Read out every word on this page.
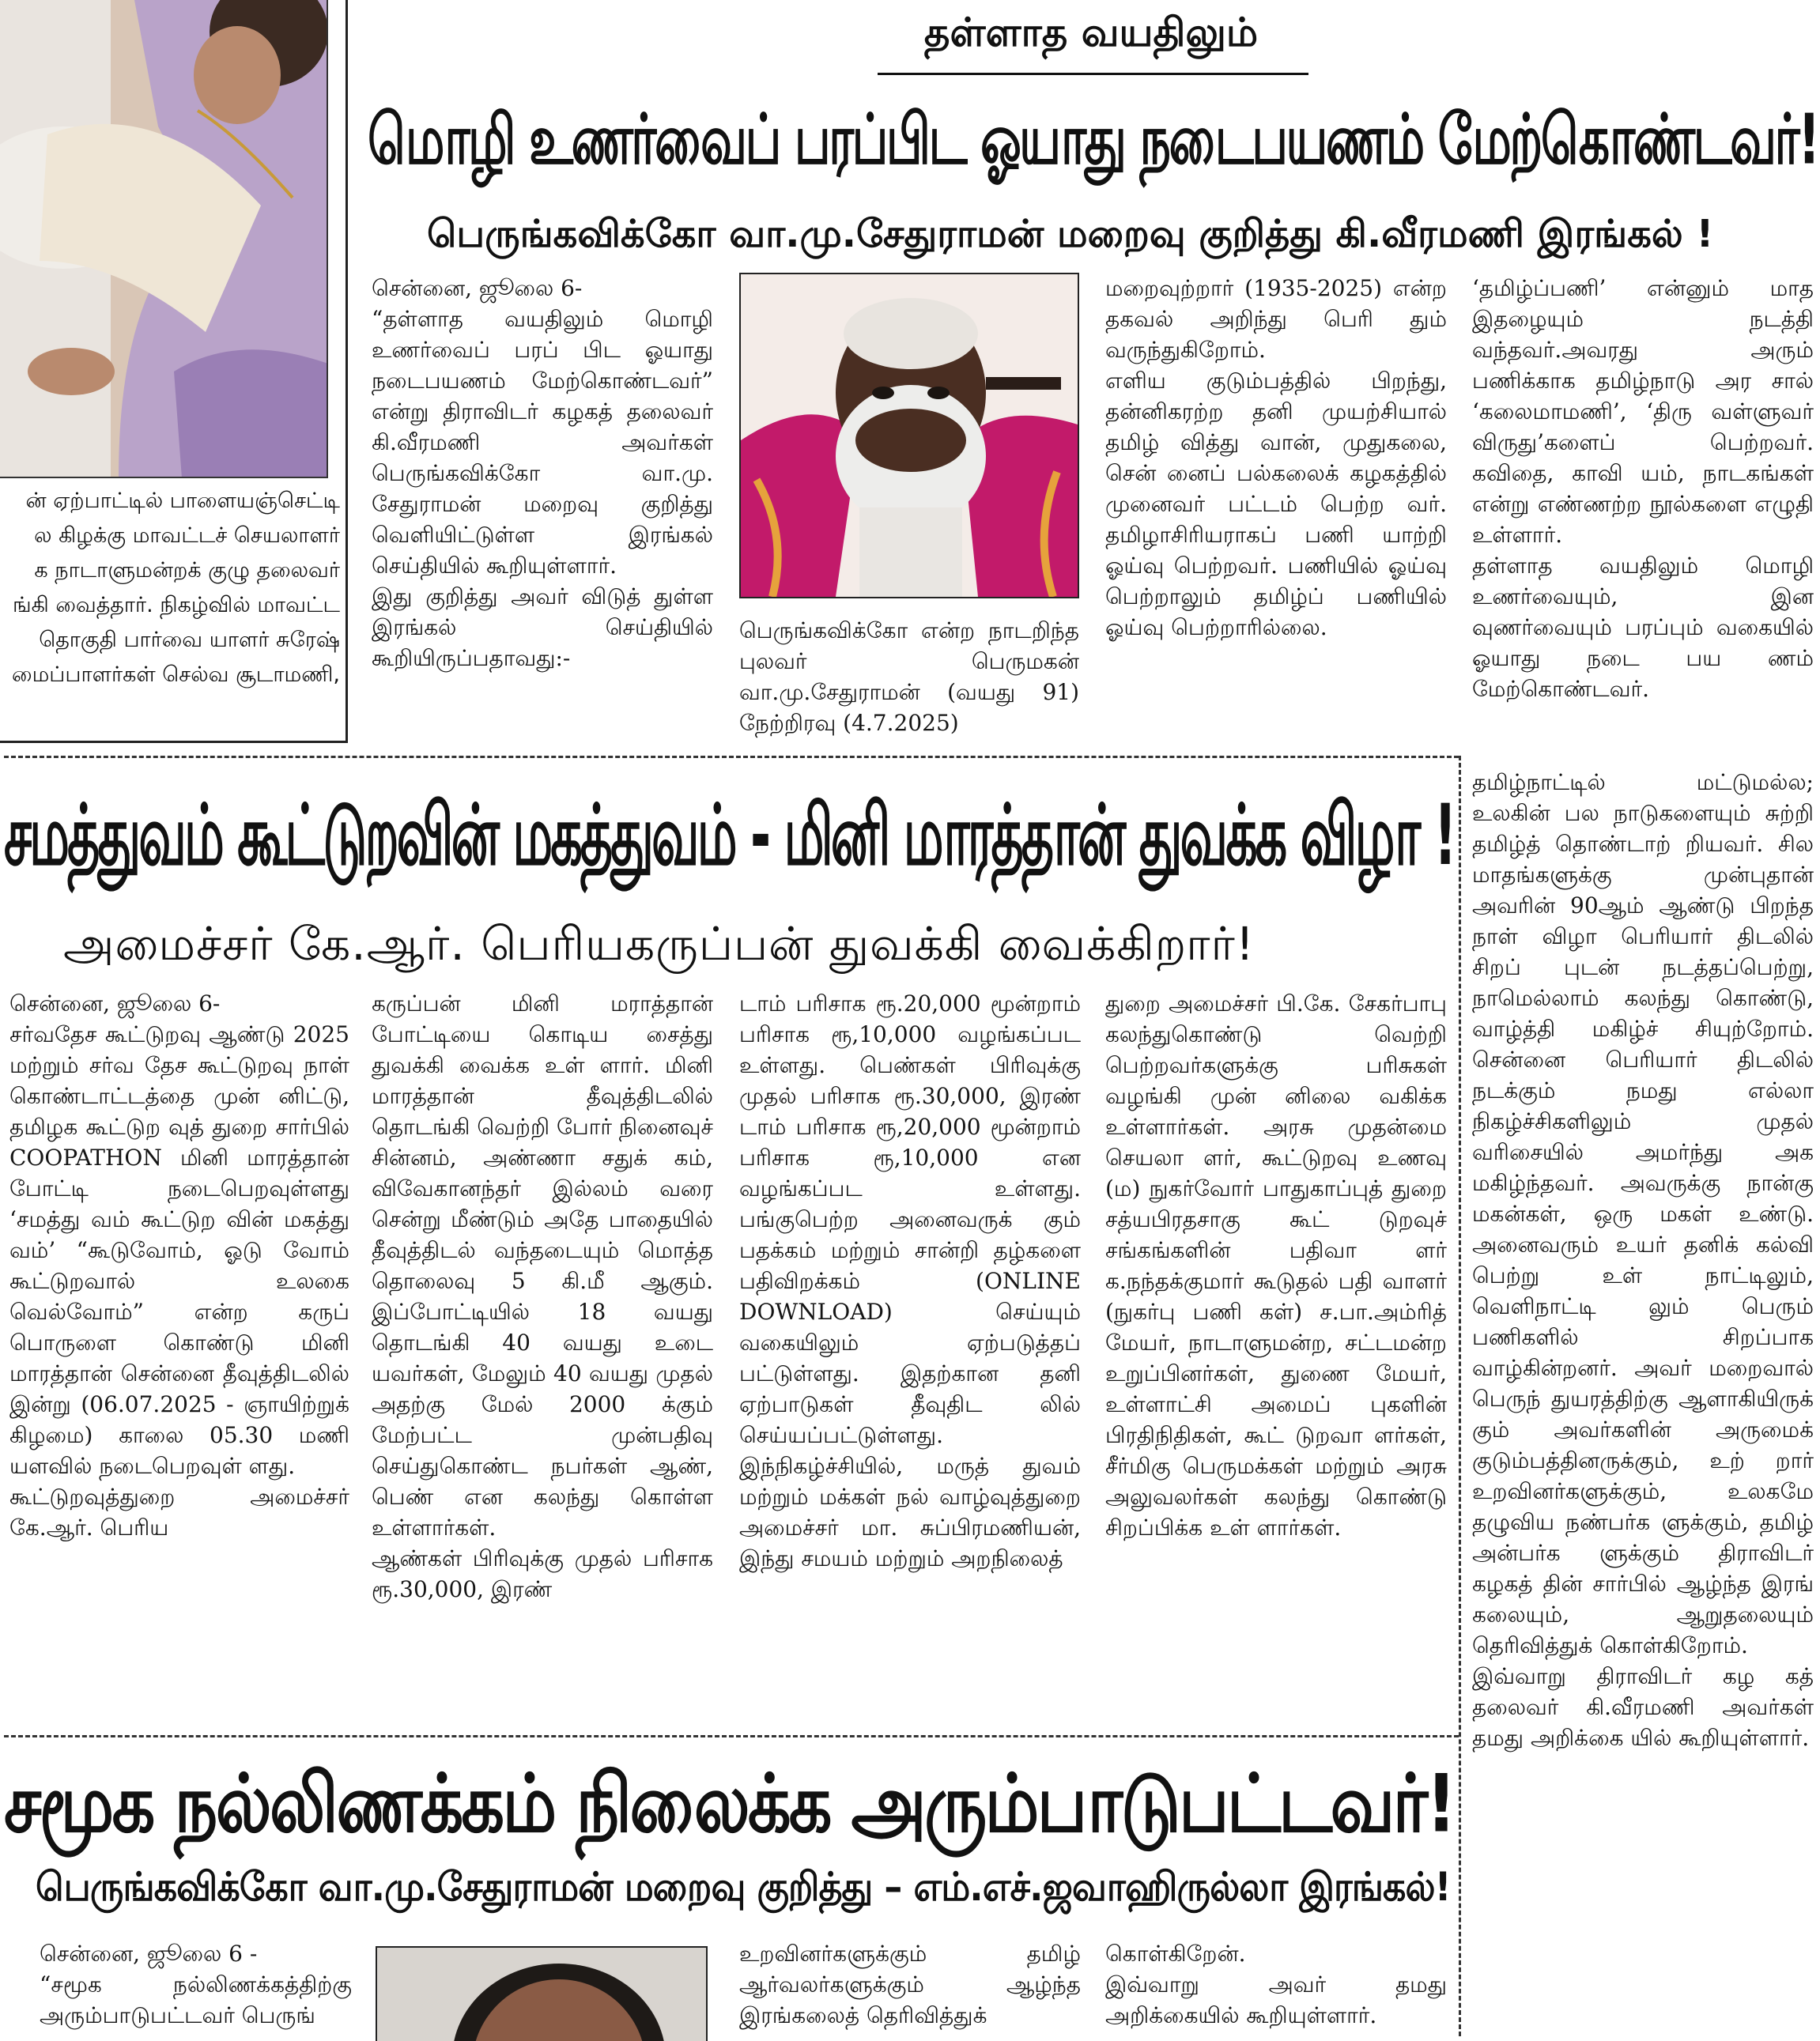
ன் ஏற்பாட்டில் பாளையஞ்செட்டி
ல கிழக்கு மாவட்டச் செயலாளர்
க நாடாளுமன்றக் குழு தலைவர்
ங்கி வைத்தார். நிகழ்வில் மாவட்ட
தொகுதி பார்வை யாளர் சுரேஷ்
மைப்பாளர்கள் செல்வ சூடாமணி,
தள்ளாத வயதிலும்
மொழி உணர்வைப் பரப்பிட ஓயாது நடைபயணம் மேற்கொண்டவர்!
பெருங்கவிக்கோ வா.மு.சேதுராமன் மறைவு குறித்து கி.வீரமணி இரங்கல் !
சென்னை, ஜூலை 6-
“தள்ளாத வயதிலும் மொழி உணர்வைப் பரப் பிட ஓயாது நடைபயணம் மேற்கொண்டவர்” என்று திராவிடர் கழகத் தலைவர் கி.வீரமணி அவர்கள் பெருங்கவிக்கோ வா.மு. சேதுராமன் மறைவு குறித்து வெளியிட்டுள்ள இரங்கல் செய்தியில் கூறியுள்ளார்.
இது குறித்து அவர் விடுத் துள்ள இரங்கல் செய்தியில் கூறியிருப்பதாவது:-
பெருங்கவிக்கோ என்ற நாடறிந்த புலவர் பெருமகன் வா.மு.சேதுராமன் (வயது 91) நேற்றிரவு (4.7.2025)
மறைவுற்றார் (1935-2025) என்ற தகவல் அறிந்து பெரி தும் வருந்துகிறோம்.
எளிய குடும்பத்தில் பிறந்து, தன்னிகரற்ற தனி முயற்சியால் தமிழ் வித்து வான், முதுகலை, சென் னைப் பல்கலைக் கழகத்தில் முனைவர் பட்டம் பெற்ற வர். தமிழாசிரியராகப் பணி யாற்றி ஓய்வு பெற்றவர். பணியில் ஓய்வு பெற்றாலும் தமிழ்ப் பணியில் ஓய்வு பெற்றாரில்லை.
‘தமிழ்ப்பணி’ என்னும் மாத இதழையும் நடத்தி வந்தவர்.அவரது அரும் பணிக்காக தமிழ்நாடு அர சால் ‘கலைமாமணி’, ‘திரு வள்ளுவர் விருது’களைப் பெற்றவர். கவிதை, காவி யம், நாடகங்கள் என்று எண்ணற்ற நூல்களை எழுதி உள்ளார்.
தள்ளாத வயதிலும் மொழி உணர்வையும், இன வுணர்வையும் பரப்பும் வகையில் ஓயாது நடை பய ணம் மேற்கொண்டவர்.
தமிழ்நாட்டில் மட்டுமல்ல; உலகின் பல நாடுகளையும் சுற்றி தமிழ்த் தொண்டாற் றியவர். சில மாதங்களுக்கு முன்புதான் அவரின் 90ஆம் ஆண்டு பிறந்த நாள் விழா பெரியார் திடலில் சிறப் புடன் நடத்தப்பெற்று, நாமெல்லாம் கலந்து கொண்டு, வாழ்த்தி மகிழ்ச் சியுற்றோம். சென்னை பெரியார் திடலில் நடக்கும் நமது எல்லா நிகழ்ச்சிகளிலும் முதல் வரிசையில் அமர்ந்து அக மகிழ்ந்தவர். அவருக்கு நான்கு மகன்கள், ஒரு மகள் உண்டு. அனைவரும் உயர் தனிக் கல்வி பெற்று உள் நாட்டிலும், வெளிநாட்டி லும் பெரும் பணிகளில் சிறப்பாக வாழ்கின்றனர். அவர் மறைவால் பெருந் துயரத்திற்கு ஆளாகியிருக் கும் அவர்களின் அருமைக் குடும்பத்தினருக்கும், உற் றார் உறவினர்களுக்கும், உலகமே தழுவிய நண்பர்க ளுக்கும், தமிழ் அன்பர்க ளுக்கும் திராவிடர் கழகத் தின் சார்பில் ஆழ்ந்த இரங் கலையும், ஆறுதலையும் தெரிவித்துக் கொள்கிறோம்.
இவ்வாறு திராவிடர் கழ கத் தலைவர் கி.வீரமணி அவர்கள் தமது அறிக்கை யில் கூறியுள்ளார்.
சமத்துவம் கூட்டுறவின் மகத்துவம் - மினி மாரத்தான் துவக்க விழா !
அமைச்சர் கே.ஆர். பெரியகருப்பன் துவக்கி வைக்கிறார்!
சென்னை, ஜூலை 6-
சர்வதேச கூட்டுறவு ஆண்டு 2025 மற்றும் சர்வ தேச கூட்டுறவு நாள் கொண்டாட்டத்தை முன் னிட்டு, தமிழக கூட்டுற வுத் துறை சார்பில் COOPATHON மினி மாரத்தான் போட்டி நடைபெறவுள்ளது ‘சமத்து வம் கூட்டுற வின் மகத்து வம்’ “கூடுவோம், ஓடு வோம் கூட்டுறவால் உலகை வெல்வோம்” என்ற கருப் பொருளை கொண்டு மினி மாரத்தான் சென்னை தீவுத்திடலில் இன்று (06.07.2025 - ஞாயிற்றுக் கிழமை) காலை 05.30 மணி யளவில் நடைபெறவுள் ளது.
கூட்டுறவுத்துறை அமைச்சர் கே.ஆர். பெரிய
கருப்பன் மினி மராத்தான் போட்டியை கொடிய சைத்து துவக்கி வைக்க உள் ளார். மினி மாரத்தான் தீவுத்திடலில் தொடங்கி வெற்றி போர் நினைவுச் சின்னம், அண்ணா சதுக் கம், விவேகானந்தர் இல்லம் வரை சென்று மீண்டும் அதே பாதையில் தீவுத்திடல் வந்தடையும் மொத்த தொலைவு 5 கி.மீ ஆகும். இப்போட்டியில் 18 வயது தொடங்கி 40 வயது உடை யவர்கள், மேலும் 40 வயது முதல் அதற்கு மேல் 2000 க்கும் மேற்பட்ட முன்பதிவு செய்துகொண்ட நபர்கள் ஆண், பெண் என கலந்து கொள்ள உள்ளார்கள்.
ஆண்கள் பிரிவுக்கு முதல் பரிசாக ரூ.30,000, இரண்
டாம் பரிசாக ரூ.20,000 மூன்றாம் பரிசாக ரூ,10,000 வழங்கப்பட உள்ளது. பெண்கள் பிரிவுக்கு முதல் பரிசாக ரூ.30,000, இரண் டாம் பரிசாக ரூ,20,000 மூன்றாம் பரிசாக ரூ,10,000 என வழங்கப்பட உள்ளது. பங்குபெற்ற அனைவருக் கும் பதக்கம் மற்றும் சான்றி தழ்களை பதிவிறக்கம் (ONLINE DOWNLOAD) செய்யும் வகையிலும் ஏற்படுத்தப் பட்டுள்ளது. இதற்கான தனி ஏற்பாடுகள் தீவுதிட லில் செய்யப்பட்டுள்ளது.
இந்நிகழ்ச்சியில், மருத் துவம் மற்றும் மக்கள் நல் வாழ்வுத்துறை அமைச்சர் மா. சுப்பிரமணியன், இந்து சமயம் மற்றும் அறநிலைத்
துறை அமைச்சர் பி.கே. சேகர்பாபு கலந்துகொண்டு வெற்றி பெற்றவர்களுக்கு பரிசுகள் வழங்கி முன் னிலை வகிக்க உள்ளார்கள். அரசு முதன்மை செயலா ளர், கூட்டுறவு உணவு (ம) நுகர்வோர் பாதுகாப்புத் துறை சத்யபிரதசாகு கூட் டுறவுச் சங்கங்களின் பதிவா ளர் க.நந்தக்குமார் கூடுதல் பதி வாளர் (நுகர்பு பணி கள்) ச.பா.அம்ரித் மேயர், நாடாளுமன்ற, சட்டமன்ற உறுப்பினர்கள், துணை மேயர், உள்ளாட்சி அமைப் புகளின் பிரதிநிதிகள், கூட் டுறவா ளர்கள், சீர்மிகு பெருமக்கள் மற்றும் அரசு அலுவலர்கள் கலந்து கொண்டு சிறப்பிக்க உள் ளார்கள்.
சமூக நல்லிணக்கம் நிலைக்க அரும்பாடுபட்டவர்!
பெருங்கவிக்கோ வா.மு.சேதுராமன் மறைவு குறித்து – எம்.எச்.ஜவாஹிருல்லா இரங்கல்!
சென்னை, ஜூலை 6 -
“சமூக நல்லிணக்கத்திற்கு அரும்பாடுபட்டவர் பெருங்
உறவினர்களுக்கும் தமிழ் ஆர்வலர்களுக்கும் ஆழ்ந்த இரங்கலைத் தெரிவித்துக்
கொள்கிறேன்.
இவ்வாறு அவர் தமது அறிக்கையில் கூறியுள்ளார்.
